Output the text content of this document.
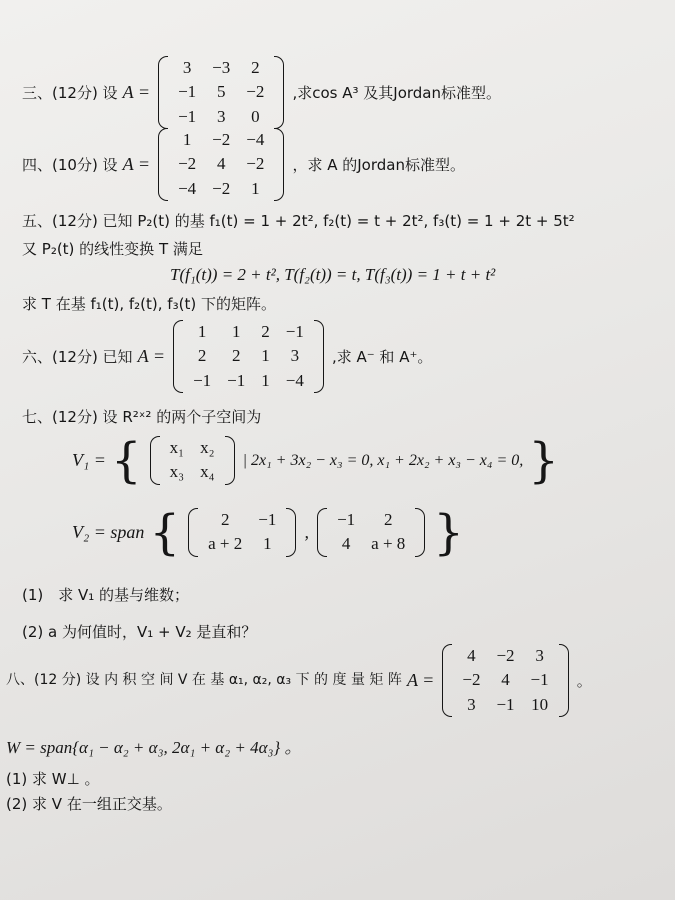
三、(12分) 设 A =
3	−3	2
−1	5	−2
−1	3	0
,求cos A³ 及其Jordan标准型。
四、(10分) 设 A =
1	−2	−4
−2	4	−2
−4	−2	1
，求 A 的Jordan标准型。
五、(12分) 已知 P₂(t) 的基 f₁(t) = 1 + 2t², f₂(t) = t + 2t², f₃(t) = 1 + 2t + 5t²
又 P₂(t) 的线性变换 T 满足
T(f₁(t)) = 2 + t², T(f₂(t)) = t, T(f₃(t)) = 1 + t + t²
求 T 在基 f₁(t), f₂(t), f₃(t) 下的矩阵。
六、(12分) 已知 A =
1	1	2	−1
2	2	1	3
−1	−1	1	−4
,求 A⁻ 和 A⁺。
七、(12分) 设 R²ˣ² 的两个子空间为
V₁ = { x₁	x₂
x₃	x₄
| 2x₁ + 3x₂ − x₃ = 0, x₁ + 2x₂ + x₃ − x₄ = 0, }
V₂ = span { 2	−1
a + 2	1
,
−1	2
4	a + 8 }
(1)　求 V₁ 的基与维数；
(2) a 为何值时，V₁ + V₂ 是直和？
八、(12 分) 设 内 积 空 间 V 在 基 α₁, α₂, α₃ 下 的 度 量 矩 阵 A =
4	−2	3
−2	4	−1
3	−1	10
。
W = span{α₁ − α₂ + α₃, 2α₁ + α₂ + 4α₃} 。
(1) 求 W⊥ 。
(2) 求 V 在一组正交基。
